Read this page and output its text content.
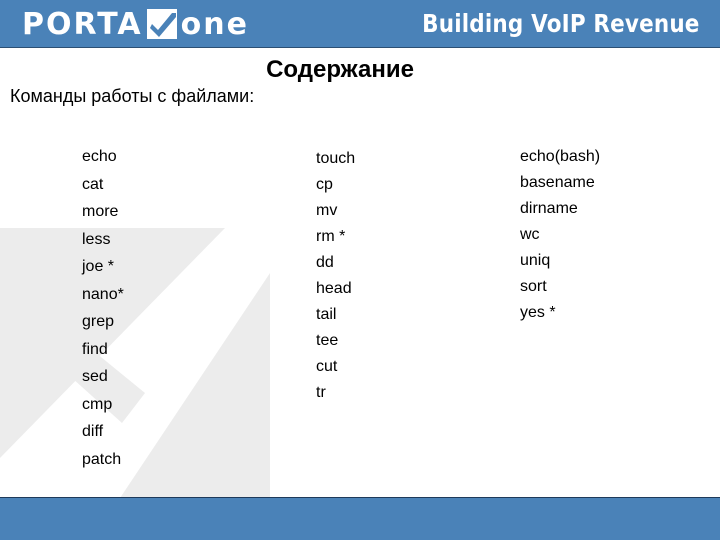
PORTA one	Building VoIP Revenue
Содержание
Команды работы с файлами:
echo
cat
more
less
joe *
nano*
grep
find
sed
cmp
diff
patch
touch
cp
mv
rm *
dd
head
tail
tee
cut
tr
echo(bash)
basename
dirname
wc
uniq
sort
yes *
